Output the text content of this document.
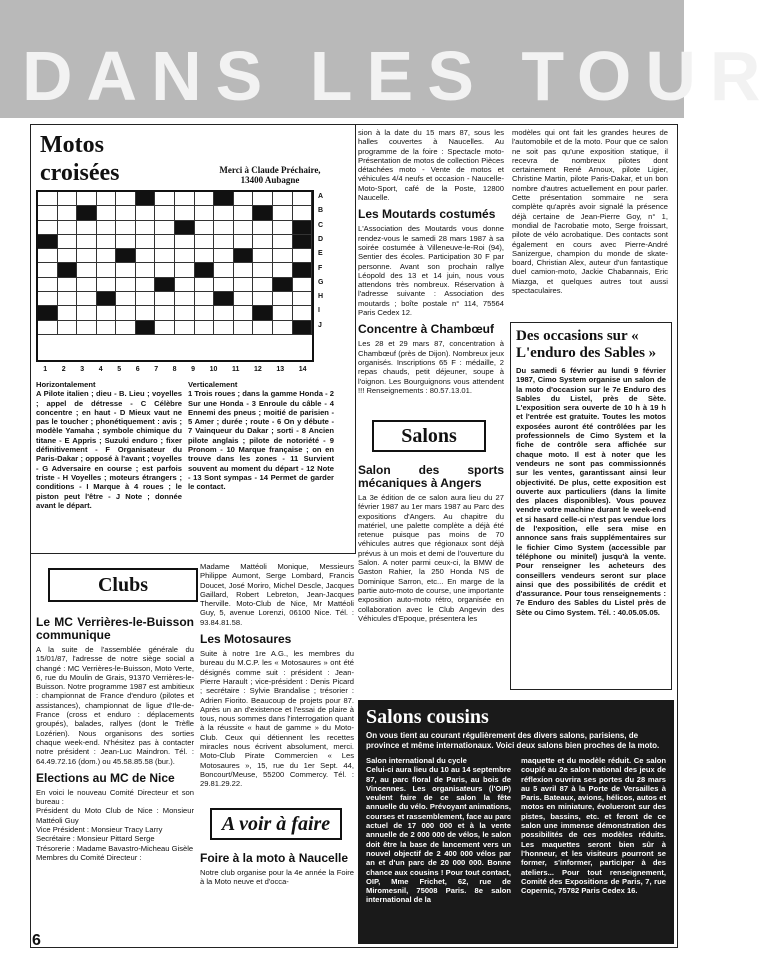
DANS LES TOUR
Motos
croisées	Merci à Claude Préchaire,
13400 Aubagne
A
B
C
D
E
F
G
H
I
J
1 2 3 4 5 6 7 8 9 10 11 12 13 14

Horizontalement

A Pilote italien ; dieu - B. Lieu ; voyelles ; appel de détresse - C Célèbre concentre ; en haut - D Mieux vaut ne pas le toucher ; phonétiquement : avis ; modèle Yamaha ; symbole chimique du titane - E Appris ; Suzuki enduro ; fixer définitivement - F Organisateur du Paris-Dakar ; opposé à l'avant ; voyelles - G Adversaire en course ; est parfois triste - H Voyelles ; moteurs étrangers ; conditions - I Marque à 4 roues ; le piston peut l'être - J Note ; donnée avant le départ.

Verticalement

1 Trois roues ; dans la gamme Honda - 2 Sur une Honda - 3 Enroule du câble - 4 Ennemi des pneus ; moitié de parisien - 5 Amer ; durée ; route - 6 On y débute - 7 Vainqueur du Dakar ; sorti - 8 Ancien pilote anglais ; pilote de notoriété - 9 Pronom - 10 Marque française ; on en trouve dans les zones - 11 Survient souvent au moment du départ - 12 Note - 13 Sont sympas - 14 Permet de garder le contact.

sion à la date du 15 mars 87, sous les halles couvertes à Naucelles. Au programme de la foire : Spectacle moto-Présentation de motos de collection Pièces détachées moto - Vente de motos et véhicules 4/4 neufs et occasion - Naucelle-Moto-Sport, café de la Poste, 12800 Naucelle.

Les Moutards costumés

L'Association des Moutards vous donne rendez-vous le samedi 28 mars 1987 à sa soirée costumée à Villeneuve-le-Roi (94), Sentier des écoles. Participation 30 F par personne. Avant son prochain rallye Léopold des 13 et 14 juin, nous vous attendons très nombreux. Réservation à l'adresse suivante : Association des moutards ; boîte postale n° 114, 75564 Paris Cedex 12.

Concentre à Chambœuf

Les 28 et 29 mars 87, concentration à Chambœuf (près de Dijon). Nombreux jeux organisés. Inscriptions 65 F : médaille, 2 repas chauds, petit déjeuner, soupe à l'oignon. Les Bourguignons vous attendent !!! Renseignements : 80.57.13.01.

Salons
Salon des sports mécaniques à Angers

La 3e édition de ce salon aura lieu du 27 février 1987 au 1er mars 1987 au Parc des expositions d'Angers. Au chapitre du matériel, une palette complète a déjà été retenue puisque pas moins de 70 véhicules autres que régionaux sont déjà prévus à un mois et demi de l'ouverture du Salon. A noter parmi ceux-ci, la BMW de Gaston Rahier, la 250 Honda NS de Dominique Sarron, etc... En marge de la partie auto-moto de course, une importante exposition auto-moto rétro, organisée en collaboration avec le Club Angevin des Véhicules d'Epoque, présentera les

modèles qui ont fait les grandes heures de l'automobile et de la moto. Pour que ce salon ne soit pas qu'une exposition statique, il recevra de nombreux pilotes dont certainement René Arnoux, pilote Ligier, Christine Martin, pilote Paris-Dakar, et un bon nombre d'autres actuellement en pour parler. Cette présentation sommaire ne sera complète qu'après avoir signalé la présence déjà certaine de Jean-Pierre Goy, n° 1, mondial de l'acrobatie moto, Serge froissart, pilote de vélo acrobatique. Des contacts sont également en cours avec Pierre-André Sanizergue, champion du monde de skate-board, Christian Alex, auteur d'un fantastique duel camion-moto, Jackie Chabannais, Eric Miazga, et quelques autres tout aussi spectaculaires.

Des occasions sur « L'enduro des Sables »

Du samedi 6 février au lundi 9 février 1987, Cimo System organise un salon de la moto d'occasion sur le 7e Enduro des Sables du Listel, près de Sète. L'exposition sera ouverte de 10 h à 19 h et l'entrée est gratuite. Toutes les motos exposées auront été contrôlées par les professionnels de Cimo System et la fiche de contrôle sera affichée sur chaque moto. Il est à noter que les vendeurs ne sont pas commissionnés sur les ventes, garantissant ainsi leur objectivité. De plus, cette exposition est ouverte aux particuliers (dans la limite des places disponibles). Vous pouvez vendre votre machine durant le week-end et si hasard celle-ci n'est pas vendue lors de l'exposition, elle sera mise en annonce sans frais supplémentaires sur le fichier Cimo System (accessible par téléphone ou minitel) jusqu'à la vente. Pour renseigner les acheteurs des conseillers vendeurs seront sur place ainsi que des possibilités de crédit et d'assurance. Pour tous renseignements : 7e Enduro des Sables du Listel près de Sète ou Cimo System. Tél. : 40.05.05.05.

Clubs
Le MC Verrières-le-Buisson communique

A la suite de l'assemblée générale du 15/01/87, l'adresse de notre siège social a changé : MC Verrières-le-Buisson, Moto Verte, 6, rue du Moulin de Grais, 91370 Verrières-le-Buisson. Notre programme 1987 est ambitieux : championnat de France d'enduro (pilotes et assistances), championnat de ligue d'Ile-de-France (cross et enduro : déplacements groupés), balades, rallyes (dont le Trèfle Lozérien). Nous organisons des sorties chaque week-end. N'hésitez pas à contacter notre président : Jean-Luc Maindron. Tél. : 64.49.72.16 (dom.) ou 45.58.85.58 (bur.).

Elections au MC de Nice

En voici le nouveau Comité Directeur et son bureau :

Président du Moto Club de Nice : Monsieur Mattéoli Guy

Vice Président : Monsieur Tracy Larry

Secrétaire : Monsieur Pittard Serge

Trésorerie : Madame Bavastro-Micheau Gisèle

Membres du Comité Directeur :

Madame Mattéoli Monique, Messieurs Philippe Aumont, Serge Lombard, Francis Doucet, José Moriro, Michel Descle, Jacques Gaillard, Robert Lebreton, Jean-Jacques Therville. Moto-Club de Nice, Mr Mattéoli Guy, 5, avenue Lorenzi, 06100 Nice. Tél. : 93.84.81.58.

Les Motosaures

Suite à notre 1re A.G., les membres du bureau du M.C.P. les « Motosaures » ont été désignés comme suit : président : Jean-Pierre Harault ; vice-président : Denis Picard ; secrétaire : Sylvie Brandalise ; trésorier : Adrien Fiorito. Beaucoup de projets pour 87. Après un an d'existence et l'essai de plaire à tous, nous sommes dans l'interrogation quant à la réussite « haut de gamme » du Moto-Club. Ceux qui détiennent les recettes miracles nous écrivent absolument, merci. Moto-Club Pirate Commercien « Les Motosaures », 15, rue du 1er Sept. 44, Boncourt/Meuse, 55200 Commercy. Tél. : 29.81.29.22.

A voir à faire
Foire à la moto à Naucelle

Notre club organise pour la 4e année la Foire à la Moto neuve et d'occa-

Salons cousins

On vous tient au courant régulièrement des divers salons, parisiens, de province et même internationaux. Voici deux salons bien proches de la moto.

Salon international du cycle

Celui-ci aura lieu du 10 au 14 septembre 87, au parc floral de Paris, au bois de Vincennes. Les organisateurs (l'OIP) veulent faire de ce salon la fête annuelle du vélo. Prévoyant animations, courses et rassemblement, face au parc actuel de 17 000 000 et à la vente annuelle de 2 000 000 de vélos, le salon doit être la base de lancement vers un nouvel objectif de 2 400 000 vélos par an et d'un parc de 20 000 000. Bonne chance aux cousins ! Pour tout contact, OIP, Mme Frichet, 62, rue de Miromesnil, 75008 Paris. 8e salon international de la

maquette et du modèle réduit. Ce salon couplé au 2e salon national des jeux de réflexion ouvrira ses portes du 28 mars au 5 avril 87 à la Porte de Versailles à Paris. Bateaux, avions, hélicos, autos et motos en miniature, évolueront sur des pistes, bassins, etc. et feront de ce salon une immense démonstration des possibilités de ces modèles réduits. Les maquettes seront bien sûr à l'honneur, et les visiteurs pourront se former, s'informer, participer à des ateliers... Pour tout renseignement, Comité des Expositions de Paris, 7, rue Copernic, 75782 Paris Cedex 16.

6
